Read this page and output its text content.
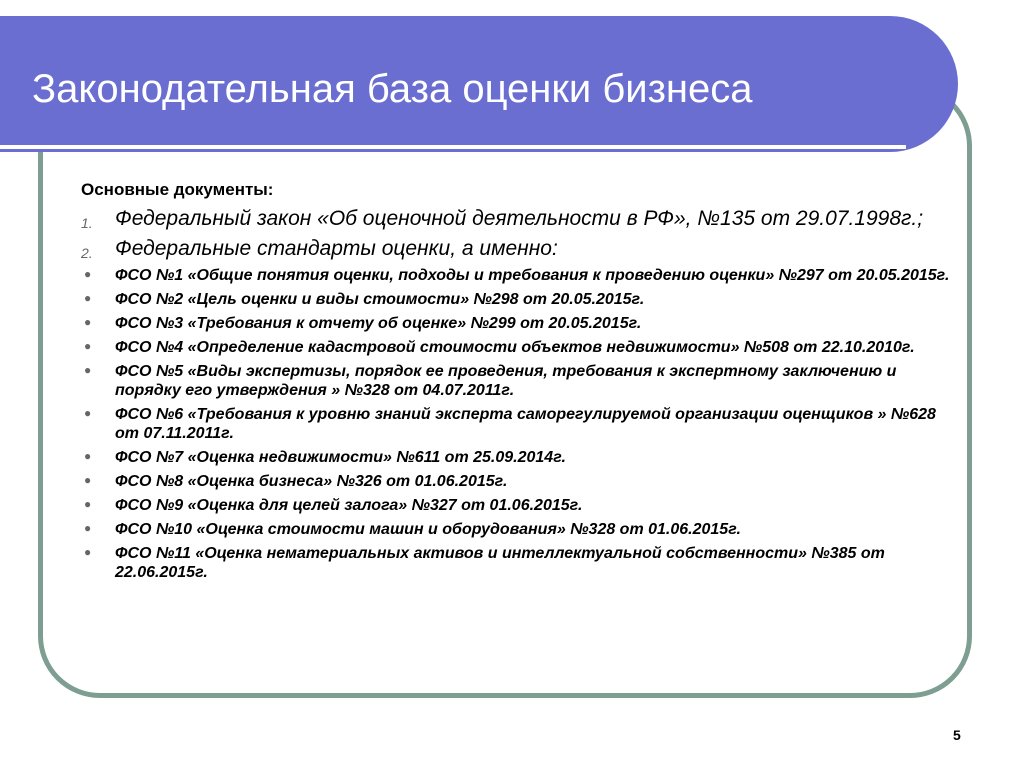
Законодательная база оценки бизнеса

Основные документы:

1. Федеральный закон «Об оценочной деятельности в РФ», №135 от 29.07.1998г.;
2. Федеральные стандарты оценки, а именно:
● ФСО №1 «Общие понятия оценки, подходы и требования к проведению оценки» №297 от 20.05.2015г.
● ФСО №2 «Цель оценки и виды стоимости» №298 от 20.05.2015г.
● ФСО №3 «Требования к отчету об оценке» №299 от 20.05.2015г.
● ФСО №4 «Определение кадастровой стоимости объектов недвижимости» №508 от 22.10.2010г.
● ФСО №5 «Виды экспертизы, порядок ее проведения, требования к экспертному заключению и порядку его утверждения » №328 от 04.07.2011г.
● ФСО №6 «Требования к уровню знаний эксперта саморегулируемой организации оценщиков » №628 от 07.11.2011г.
● ФСО №7 «Оценка недвижимости» №611 от 25.09.2014г.
● ФСО №8 «Оценка бизнеса» №326 от 01.06.2015г.
● ФСО №9 «Оценка для целей залога» №327 от 01.06.2015г.
● ФСО №10 «Оценка стоимости машин и оборудования» №328 от 01.06.2015г.
● ФСО №11 «Оценка нематериальных активов и интеллектуальной собственности» №385 от 22.06.2015г.
5
